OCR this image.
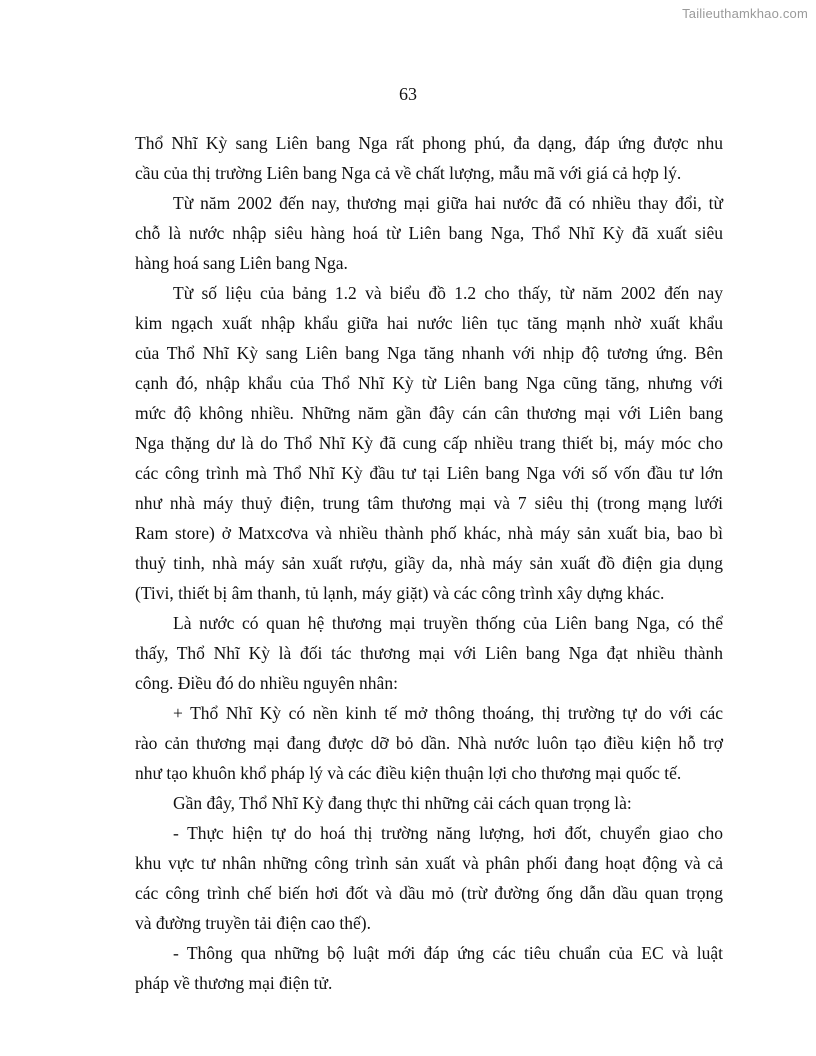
Tailieuthamkhao.com
63

Thổ Nhĩ Kỳ sang Liên bang Nga rất phong phú, đa dạng, đáp ứng được nhu
cầu của thị trường Liên bang Nga cả về chất lượng, mẫu mã với giá cả hợp lý.

Từ năm 2002 đến nay, thương mại giữa hai nước đã có nhiều thay đổi, từ
chỗ là nước nhập siêu hàng hoá từ Liên bang Nga, Thổ Nhĩ Kỳ đã xuất siêu
hàng hoá sang Liên bang Nga.

Từ số liệu của bảng 1.2 và biểu đồ 1.2 cho thấy, từ năm 2002 đến nay
kim ngạch xuất nhập khẩu giữa hai nước liên tục tăng mạnh nhờ xuất khẩu
của Thổ Nhĩ Kỳ sang Liên bang Nga tăng nhanh với nhịp độ tương ứng. Bên
cạnh đó, nhập khẩu của Thổ Nhĩ Kỳ từ Liên bang Nga cũng tăng, nhưng với
mức độ không nhiều. Những năm gần đây cán cân thương mại với Liên bang
Nga thặng dư là do Thổ Nhĩ Kỳ đã cung cấp nhiều trang thiết bị, máy móc cho
các công trình mà Thổ Nhĩ Kỳ đầu tư tại Liên bang Nga với số vốn đầu tư lớn
như nhà máy thuỷ điện, trung tâm thương mại và 7 siêu thị (trong mạng lưới
Ram store) ở Matxcơva và nhiều thành phố khác, nhà máy sản xuất bia, bao bì
thuỷ tinh, nhà máy sản xuất rượu, giầy da, nhà máy sản xuất đồ điện gia dụng
(Tivi, thiết bị âm thanh, tủ lạnh, máy giặt) và các công trình xây dựng khác.

Là nước có quan hệ thương mại truyền thống của Liên bang Nga, có thể
thấy, Thổ Nhĩ Kỳ là đối tác thương mại với Liên bang Nga đạt nhiều thành
công. Điều đó do nhiều nguyên nhân:

+ Thổ Nhĩ Kỳ có nền kinh tế mở thông thoáng, thị trường tự do với các
rào cản thương mại đang được dỡ bỏ dần. Nhà nước luôn tạo điều kiện hỗ trợ
như tạo khuôn khổ pháp lý và các điều kiện thuận lợi cho thương mại quốc tế.

Gần đây, Thổ Nhĩ Kỳ đang thực thi những cải cách quan trọng là:

- Thực hiện tự do hoá thị trường năng lượng, hơi đốt, chuyển giao cho
khu vực tư nhân những công trình sản xuất và phân phối đang hoạt động và cả
các công trình chế biến hơi đốt và dầu mỏ (trừ đường ống dẫn dầu quan trọng
và đường truyền tải điện cao thế).

- Thông qua những bộ luật mới đáp ứng các tiêu chuẩn của EC và luật
pháp về thương mại điện tử.
